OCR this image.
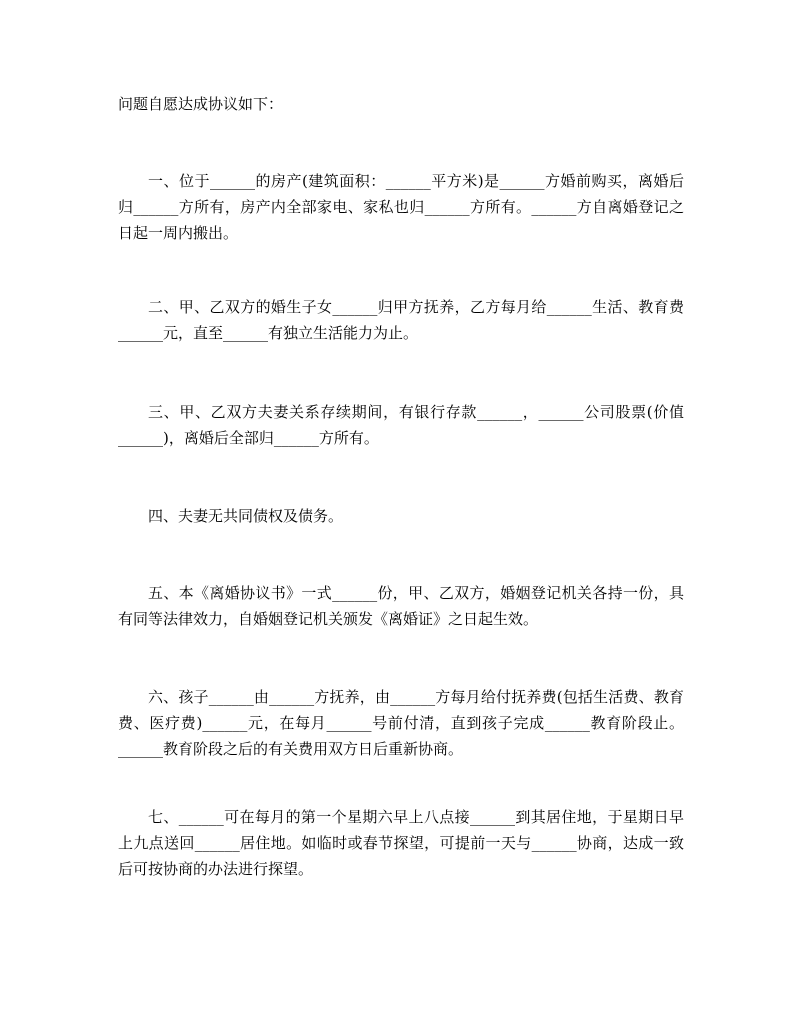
问题自愿达成协议如下：

一、位于______的房产(建筑面积：______平方米)是______方婚前购买，离婚后归______方所有，房产内全部家电、家私也归______方所有。______方自离婚登记之日起一周内搬出。

二、甲、乙双方的婚生子女______归甲方抚养，乙方每月给______生活、教育费______元，直至______有独立生活能力为止。

三、甲、乙双方夫妻关系存续期间，有银行存款______，______公司股票(价值______)，离婚后全部归______方所有。

四、夫妻无共同债权及债务。

五、本《离婚协议书》一式______份，甲、乙双方，婚姻登记机关各持一份，具有同等法律效力，自婚姻登记机关颁发《离婚证》之日起生效。

六、孩子______由______方抚养，由______方每月给付抚养费(包括生活费、教育费、医疗费)______元，在每月______号前付清，直到孩子完成______教育阶段止。______教育阶段之后的有关费用双方日后重新协商。

七、______可在每月的第一个星期六早上八点接______到其居住地，于星期日早上九点送回______居住地。如临时或春节探望，可提前一天与______协商，达成一致后可按协商的办法进行探望。
